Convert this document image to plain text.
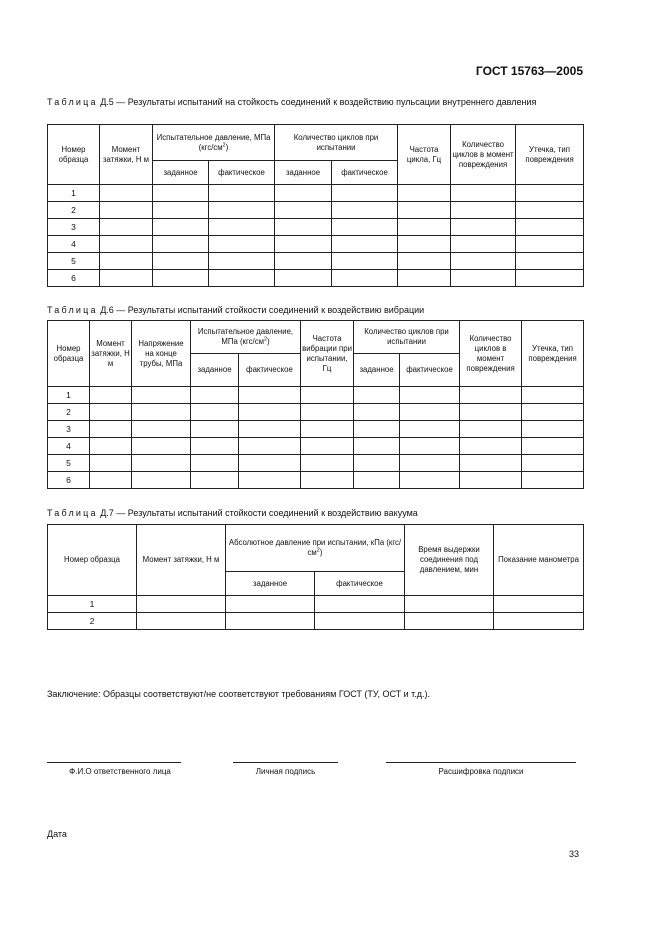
ГОСТ 15763—2005
Таблица Д.5 — Результаты испытаний на стойкость соединений к воздействию пульсации внутреннего давления
Номер образца	Момент затяжки, Н м	Испытательное давление, МПа $(кгс/см^2)$		Количество циклов при испытании		Частота цикла, Гц	Количество циклов в момент повреждения	Утечка, тип повреждения
		заданное	фактическое	заданное	фактическое			
1								
2								
3								
4								
5								
6								
Таблица Д.6 — Результаты испытаний стойкости соединений к воздействию вибрации
Номер образца	Момент затяжки, Н м	Напряжение на конце трубы, МПа	Испытательное давление, МПа $(кгс/см^2)$		Частота вибрации при испытании, Гц	Количество циклов при испытании		Количество циклов в момент повреждения	Утечка, тип повреждения
			заданное	фактическое		заданное	фактическое		
1									
2									
3									
4									
5									
6									
Таблица Д.7 — Результаты испытаний стойкости соединений к воздействию вакуума
Номер образца	Момент затяжки, Н м	Абсолютное давление при испытании, кПа $(кгс/см^2)$		Время выдержки соединения под давлением, мин	Показание манометра
		заданное	фактическое		
1					
2					
Заключение: Образцы соответствуют/не соответствуют требованиям ГОСТ (ТУ, ОСТ и т.д.).
Ф.И.О ответственного лица	Личная подпись	Расшифровка подписи
Дата
33
